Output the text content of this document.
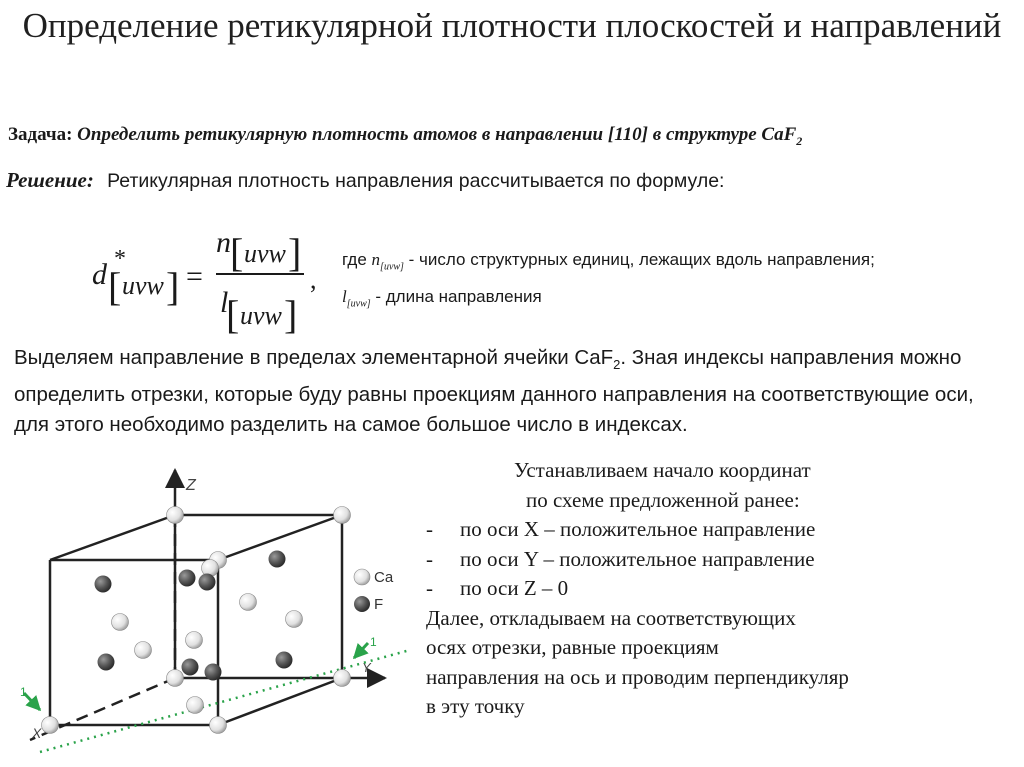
Определение ретикулярной плотности плоскостей и направлений
Задача: Определить ретикулярную плотность атомов в направлении [110] в структуре CaF$_2$
Решение: Ретикулярная плотность направления рассчитывается по формуле:
d *
[ uvw ] =
n [ uvw ]
l
[ uvw ]
,
где $n_{[uvw]}$ - число структурных единиц, лежащих вдоль направления;
$l_{[uvw]}$ - длина направления
Выделяем направление в пределах элементарной ячейки CaF$_2$. Зная индексы направления можно определить отрезки, которые буду равны проекциям данного направления на соответствующие оси, для этого необходимо разделить на самое большое число в индексах.
Z
X
Y
1
1
Ca
F
Устанавливаем начало координат
по схеме предложенной ранее:
- по оси Х – положительное направление
- по оси Y – положительное направление
- по оси Z – 0
Далее, откладываем на соответствующих
осях отрезки, равные проекциям
направления на ось и проводим перпендикуляр
в эту точку
